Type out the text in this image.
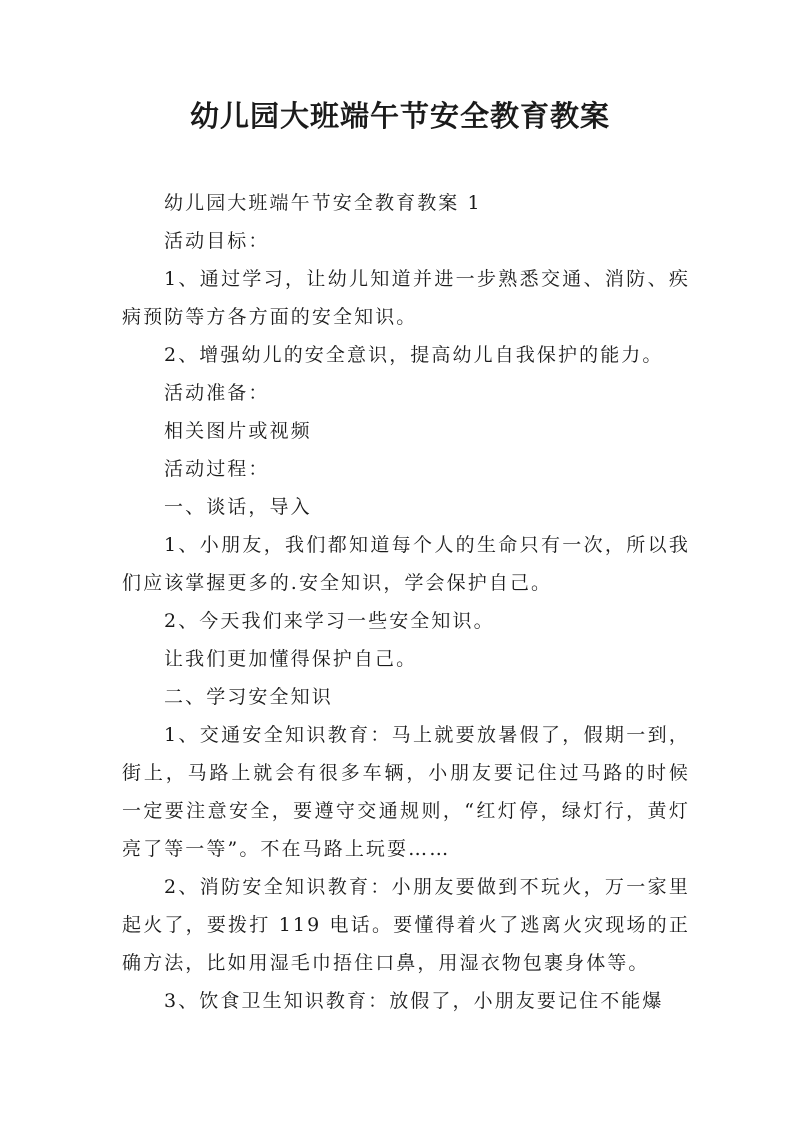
幼儿园大班端午节安全教育教案

幼儿园大班端午节安全教育教案 1

活动目标：

1、通过学习，让幼儿知道并进一步熟悉交通、消防、疾病预防等方各方面的安全知识。

2、增强幼儿的安全意识，提高幼儿自我保护的能力。

活动准备：

相关图片或视频

活动过程：

一、谈话，导入

1、小朋友，我们都知道每个人的生命只有一次，所以我们应该掌握更多的.安全知识，学会保护自己。

2、今天我们来学习一些安全知识。

让我们更加懂得保护自己。

二、学习安全知识

1、交通安全知识教育：马上就要放暑假了，假期一到，街上，马路上就会有很多车辆，小朋友要记住过马路的时候一定要注意安全，要遵守交通规则，“红灯停，绿灯行，黄灯亮了等一等”。不在马路上玩耍……

2、消防安全知识教育：小朋友要做到不玩火，万一家里起火了，要拨打 119 电话。要懂得着火了逃离火灾现场的正确方法，比如用湿毛巾捂住口鼻，用湿衣物包裹身体等。

3、饮食卫生知识教育：放假了，小朋友要记住不能爆
